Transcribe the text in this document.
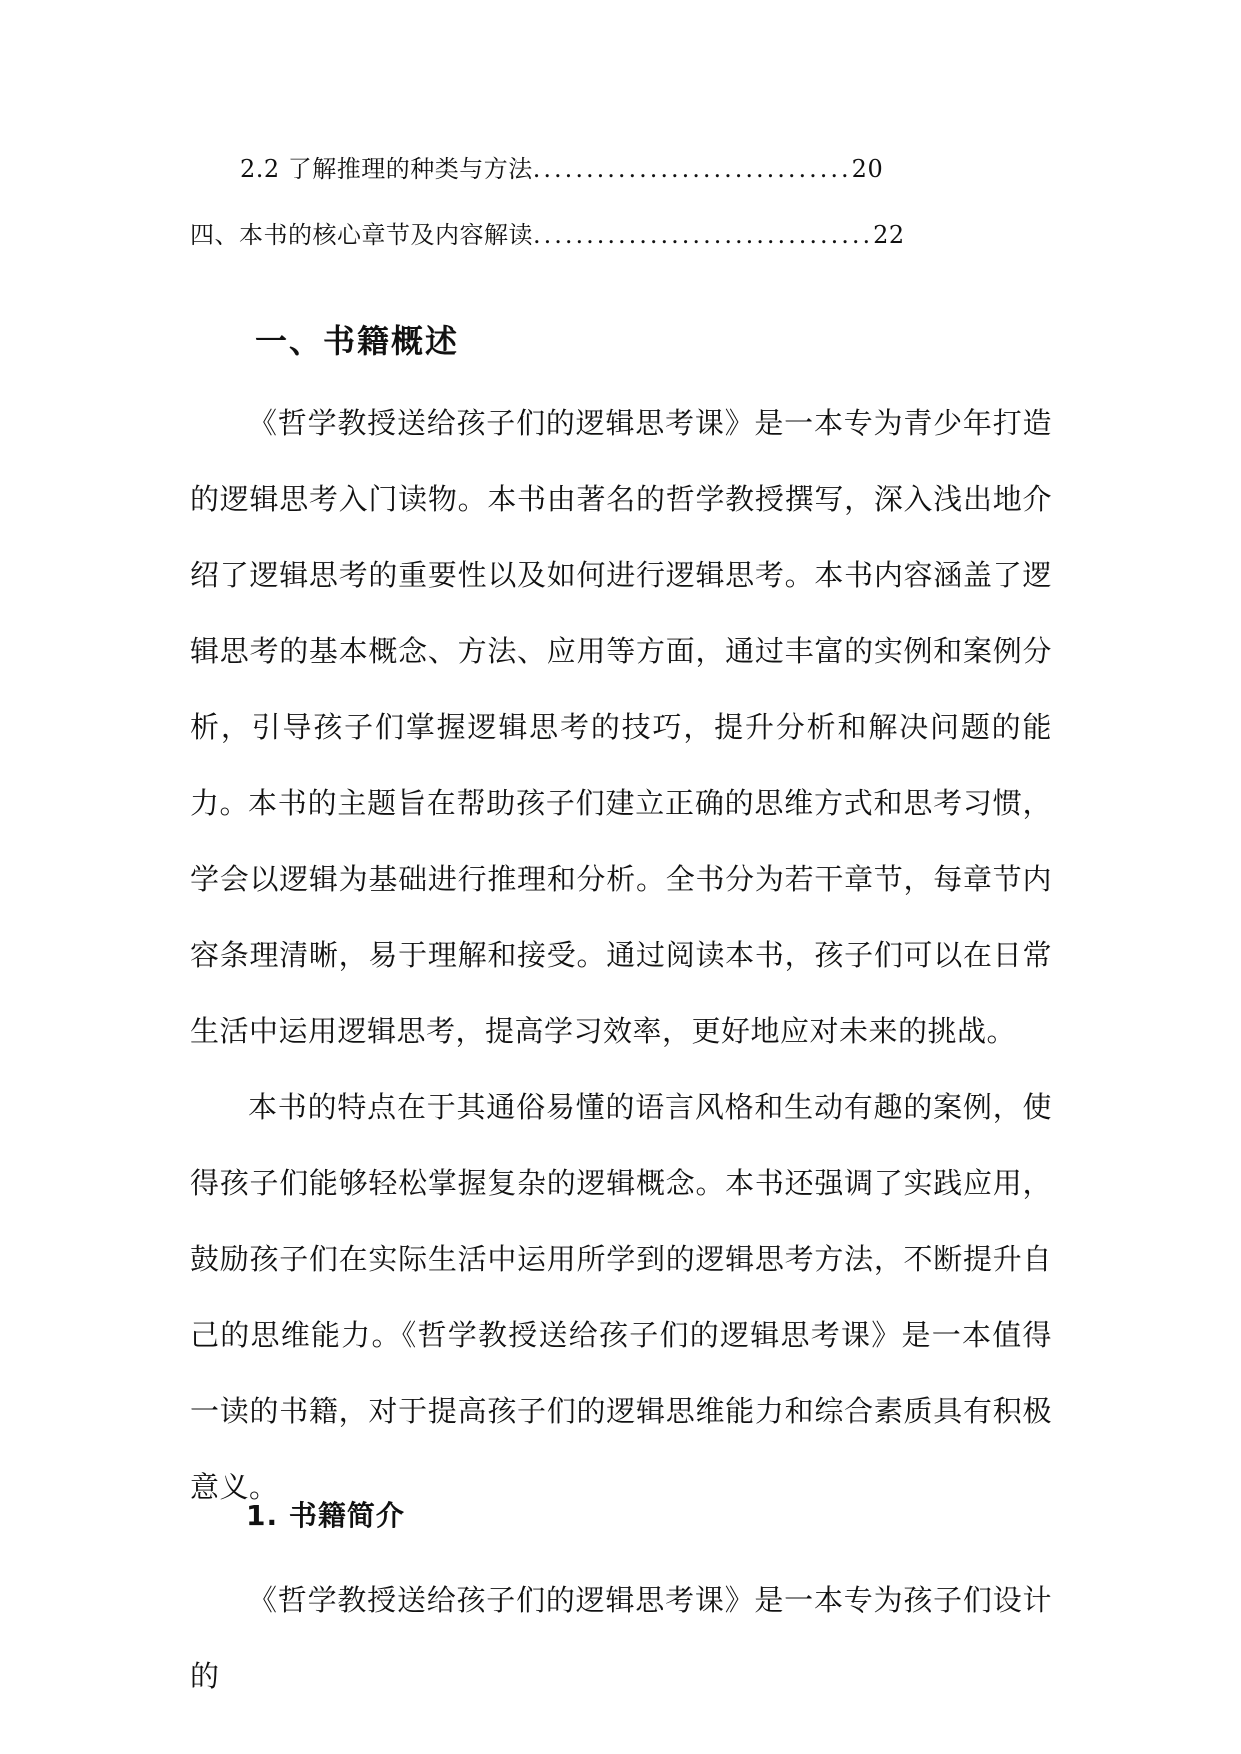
2.2 了解推理的种类与方法..............................20
四、本书的核心章节及内容解读................................22
一、书籍概述

《哲学教授送给孩子们的逻辑思考课》是一本专为青少年打造的逻辑思考入门读物。本书由著名的哲学教授撰写，深入浅出地介绍了逻辑思考的重要性以及如何进行逻辑思考。本书内容涵盖了逻辑思考的基本概念、方法、应用等方面，通过丰富的实例和案例分析，引导孩子们掌握逻辑思考的技巧，提升分析和解决问题的能力。

本书的主题旨在帮助孩子们建立正确的思维方式和思考习惯，学会以逻辑为基础进行推理和分析。全书分为若干章节，每章节内容条理清晰，易于理解和接受。通过阅读本书，孩子们可以在日常生活中运用逻辑思考，提高学习效率，更好地应对未来的挑战。

本书的特点在于其通俗易懂的语言风格和生动有趣的案例，使得孩子们能够轻松掌握复杂的逻辑概念。本书还强调了实践应用，鼓励孩子们在实际生活中运用所学到的逻辑思考方法，不断提升自己的思维能力。《哲学教授送给孩子们的逻辑思考课》是一本值得一读的书籍，对于提高孩子们的逻辑思维能力和综合素质具有积极意义。

1. 书籍简介

《哲学教授送给孩子们的逻辑思考课》是一本专为孩子们设计的
